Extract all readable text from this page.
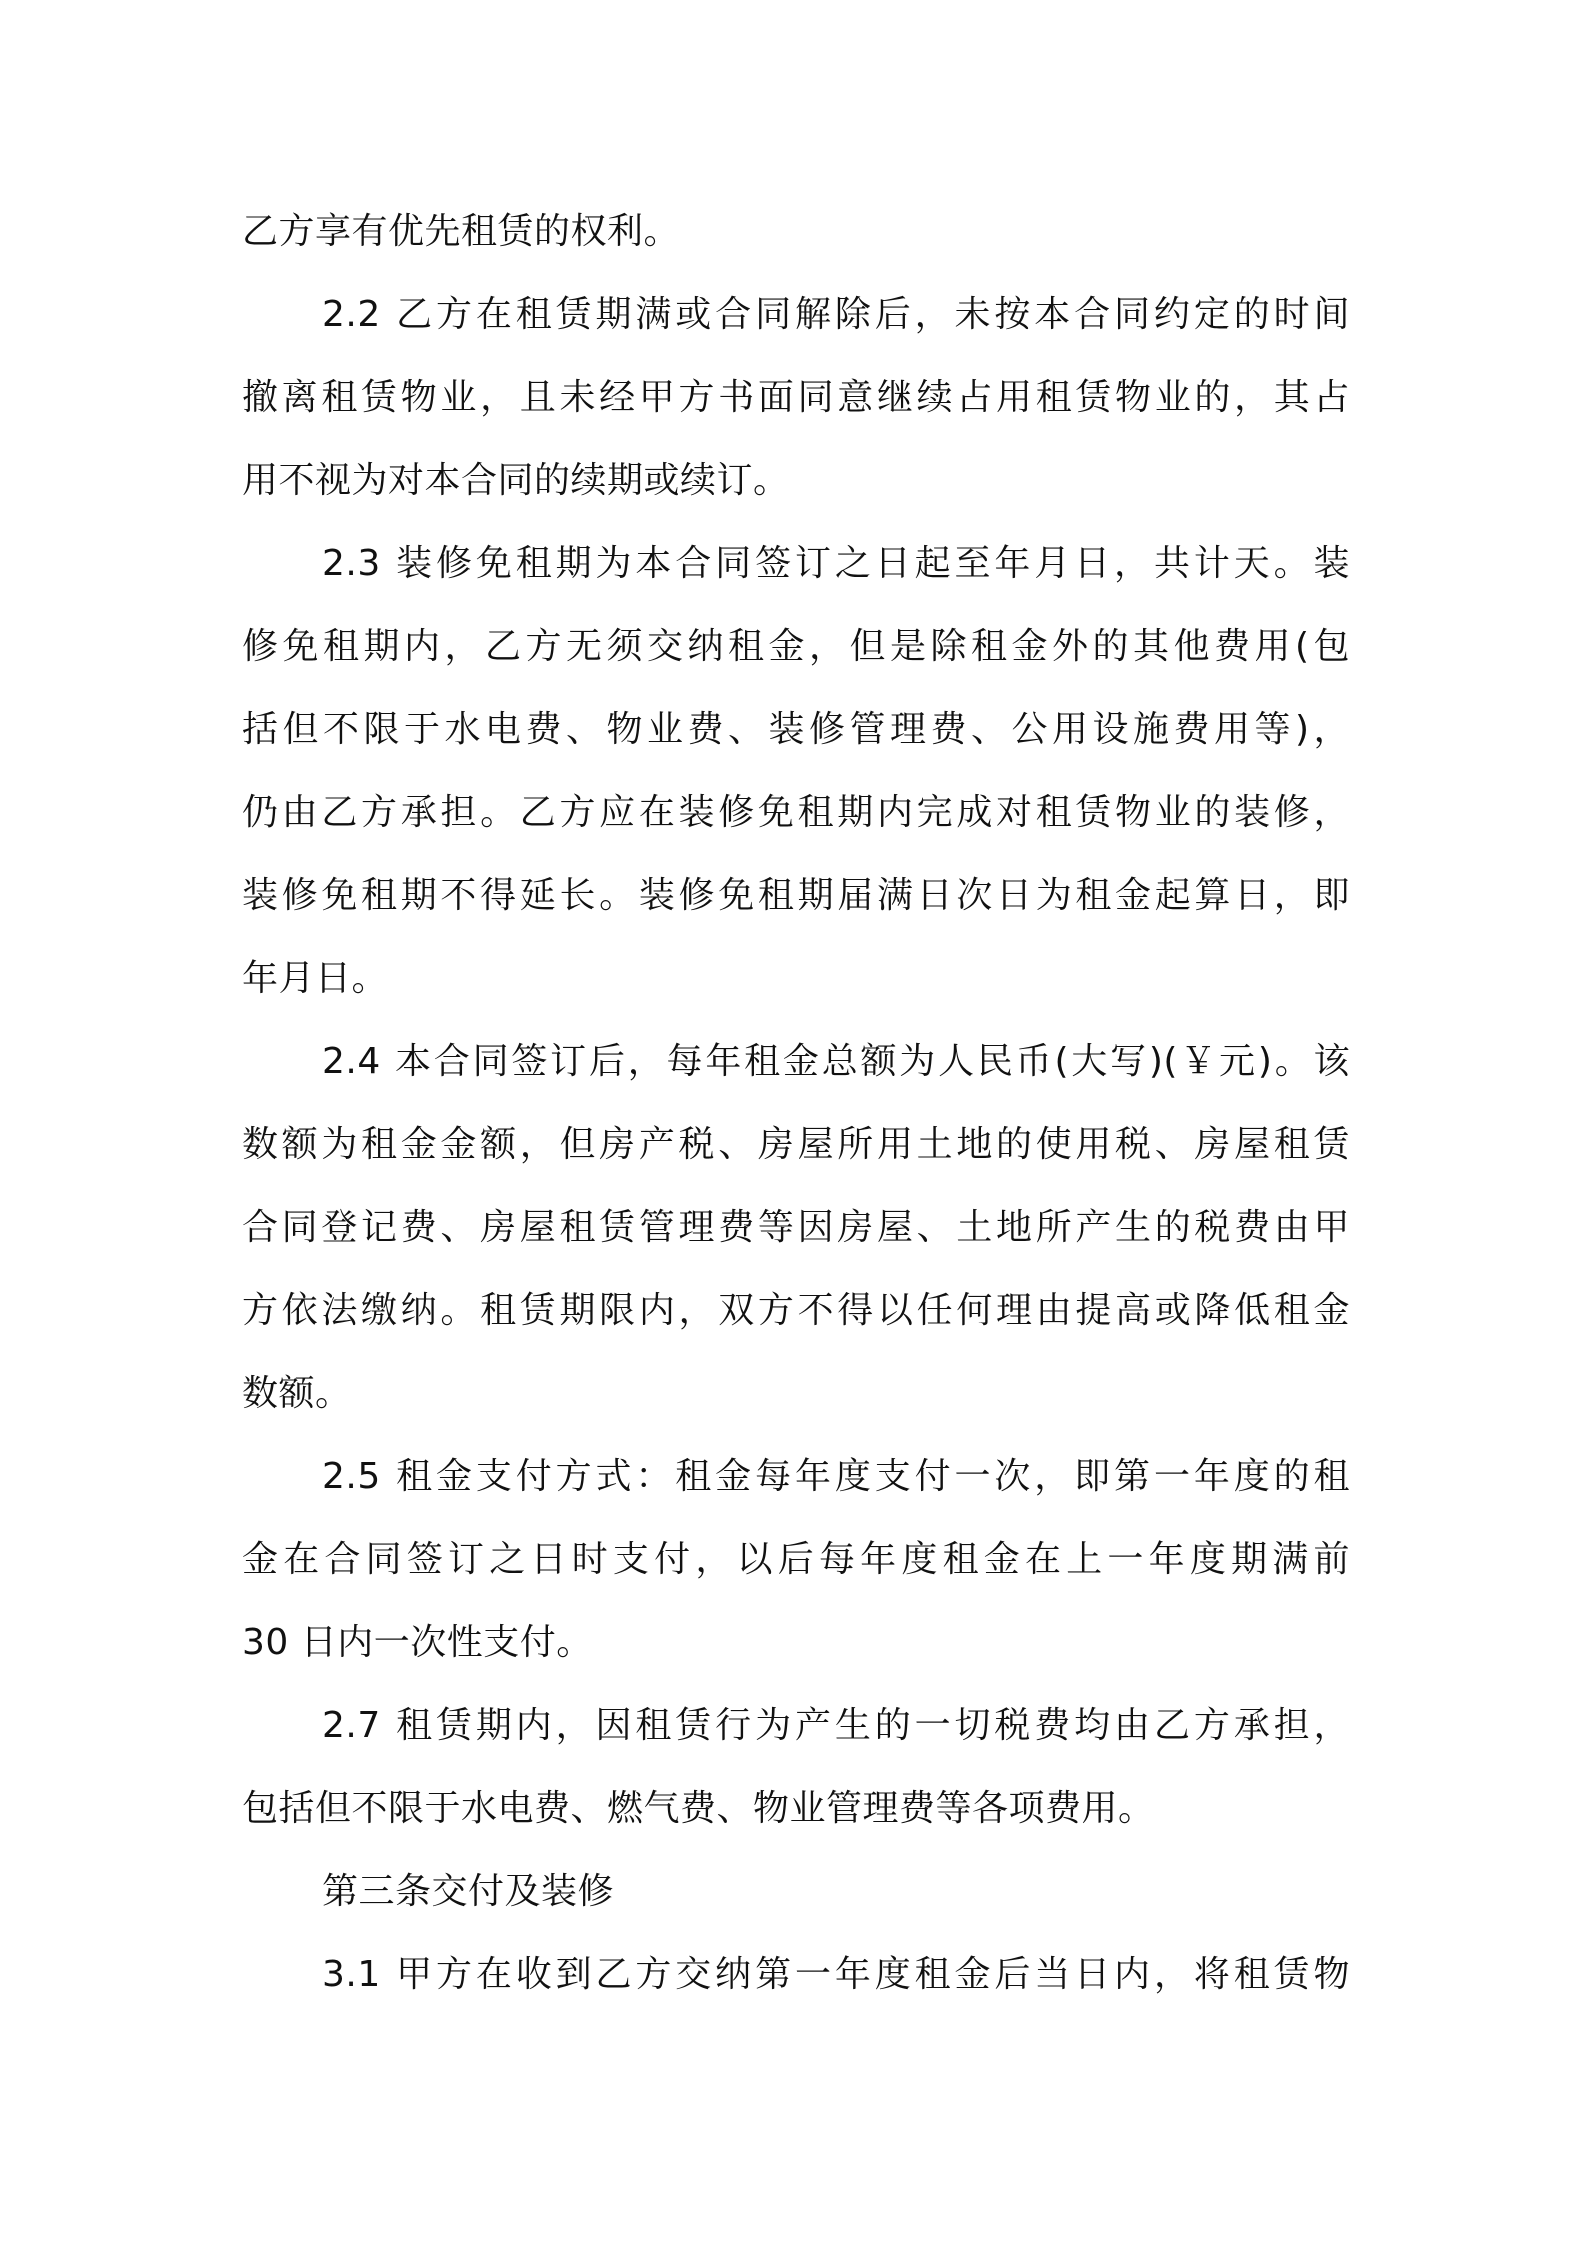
乙方享有优先租赁的权利。
2.2 乙方在租赁期满或合同解除后，未按本合同约定的时间
撤离租赁物业，且未经甲方书面同意继续占用租赁物业的，其占
用不视为对本合同的续期或续订。
2.3 装修免租期为本合同签订之日起至年月日，共计天。装
修免租期内，乙方无须交纳租金，但是除租金外的其他费用(包
括但不限于水电费、物业费、装修管理费、公用设施费用等)，
仍由乙方承担。乙方应在装修免租期内完成对租赁物业的装修，
装修免租期不得延长。装修免租期届满日次日为租金起算日，即
年月日。
2.4 本合同签订后，每年租金总额为人民币(大写)(￥元)。该
数额为租金金额，但房产税、房屋所用土地的使用税、房屋租赁
合同登记费、房屋租赁管理费等因房屋、土地所产生的税费由甲
方依法缴纳。租赁期限内，双方不得以任何理由提高或降低租金
数额。
2.5 租金支付方式：租金每年度支付一次，即第一年度的租
金在合同签订之日时支付，以后每年度租金在上一年度期满前
30 日内一次性支付。
2.7 租赁期内，因租赁行为产生的一切税费均由乙方承担，
包括但不限于水电费、燃气费、物业管理费等各项费用。
第三条交付及装修
3.1 甲方在收到乙方交纳第一年度租金后当日内，将租赁物
